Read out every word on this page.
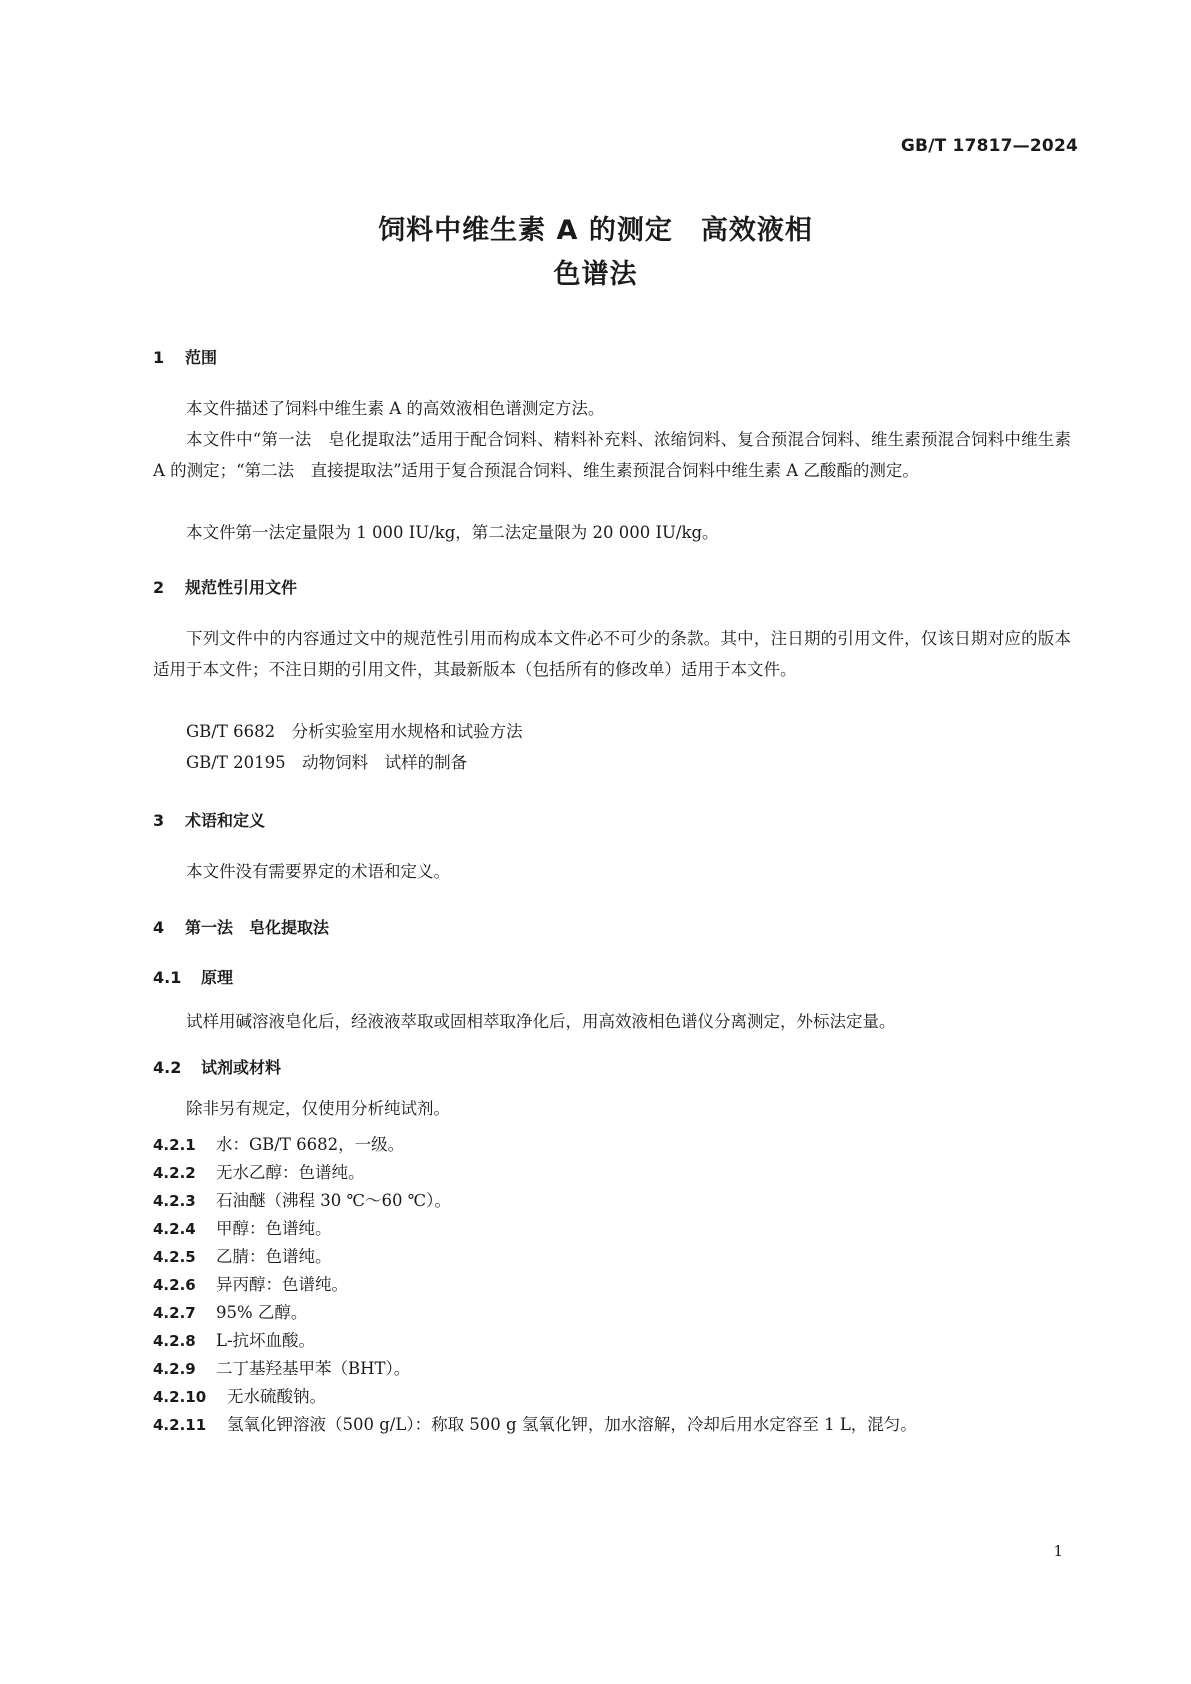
GB/T 17817—2024
饲料中维生素 A 的测定　高效液相
色谱法
1 范围
本文件描述了饲料中维生素 A 的高效液相色谱测定方法。
本文件中“第一法　皂化提取法”适用于配合饲料、精料补充料、浓缩饲料、复合预混合饲料、维生素预混合饲料中维生素 A 的测定；“第二法　直接提取法”适用于复合预混合饲料、维生素预混合饲料中维生素 A 乙酸酯的测定。
本文件第一法定量限为 1 000 IU/kg，第二法定量限为 20 000 IU/kg。
2 规范性引用文件
下列文件中的内容通过文中的规范性引用而构成本文件必不可少的条款。其中，注日期的引用文件，仅该日期对应的版本适用于本文件；不注日期的引用文件，其最新版本（包括所有的修改单）适用于本文件。
GB/T 6682　分析实验室用水规格和试验方法
GB/T 20195　动物饲料　试样的制备
3 术语和定义
本文件没有需要界定的术语和定义。
4 第一法　皂化提取法
4.1 原理
试样用碱溶液皂化后，经液液萃取或固相萃取净化后，用高效液相色谱仪分离测定，外标法定量。
4.2 试剂或材料
除非另有规定，仅使用分析纯试剂。
4.2.1 水：GB/T 6682，一级。
4.2.2 无水乙醇：色谱纯。
4.2.3 石油醚（沸程 30 ℃～60 ℃）。
4.2.4 甲醇：色谱纯。
4.2.5 乙腈：色谱纯。
4.2.6 异丙醇：色谱纯。
4.2.7 95% 乙醇。
4.2.8 L-抗坏血酸。
4.2.9 二丁基羟基甲苯（BHT）。
4.2.10 无水硫酸钠。
4.2.11 氢氧化钾溶液（500 g/L）：称取 500 g 氢氧化钾，加水溶解，冷却后用水定容至 1 L，混匀。
1
